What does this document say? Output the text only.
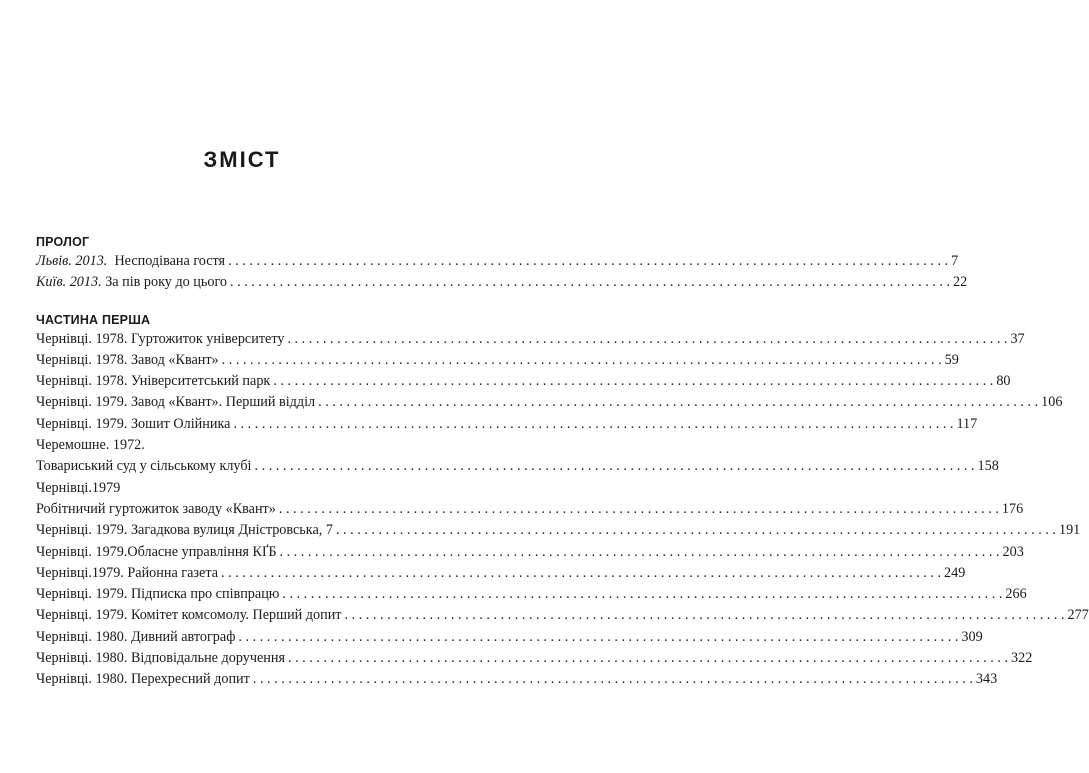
ЗМІСТ
ПРОЛОГ
Львів. 2013. Несподівана гостя . . .	7
Київ. 2013. За пів року до цього . . .	22
ЧАСТИНА ПЕРША
Чернівці. 1978. Гуртожиток університету . . .	37
Чернівці. 1978. Завод «Квант» . . .	59
Чернівці. 1978. Університетський парк . . .	80
Чернівці. 1979. Завод «Квант». Перший відділ . . .	106
Чернівці. 1979. Зошит Олійника . . .	117
Черемошне. 1972.
Товариський суд у сільському клубі . . .	158
Чернівці.1979
Робітничий гуртожиток заводу «Квант» . . .	176
Чернівці. 1979. Загадкова вулиця Дністровська, 7 . . .	191
Чернівці. 1979.Обласне управління КҐБ . . .	203
Чернівці.1979. Районна газета . . .	249
Чернівці. 1979. Підписка про співпрацю . . .	266
Чернівці. 1979. Комітет комсомолу. Перший допит . . .	277
Чернівці. 1980. Дивний автограф . . .	309
Чернівці. 1980. Відповідальне доручення . . .	322
Чернівці. 1980. Перехресний допит . . .	343
